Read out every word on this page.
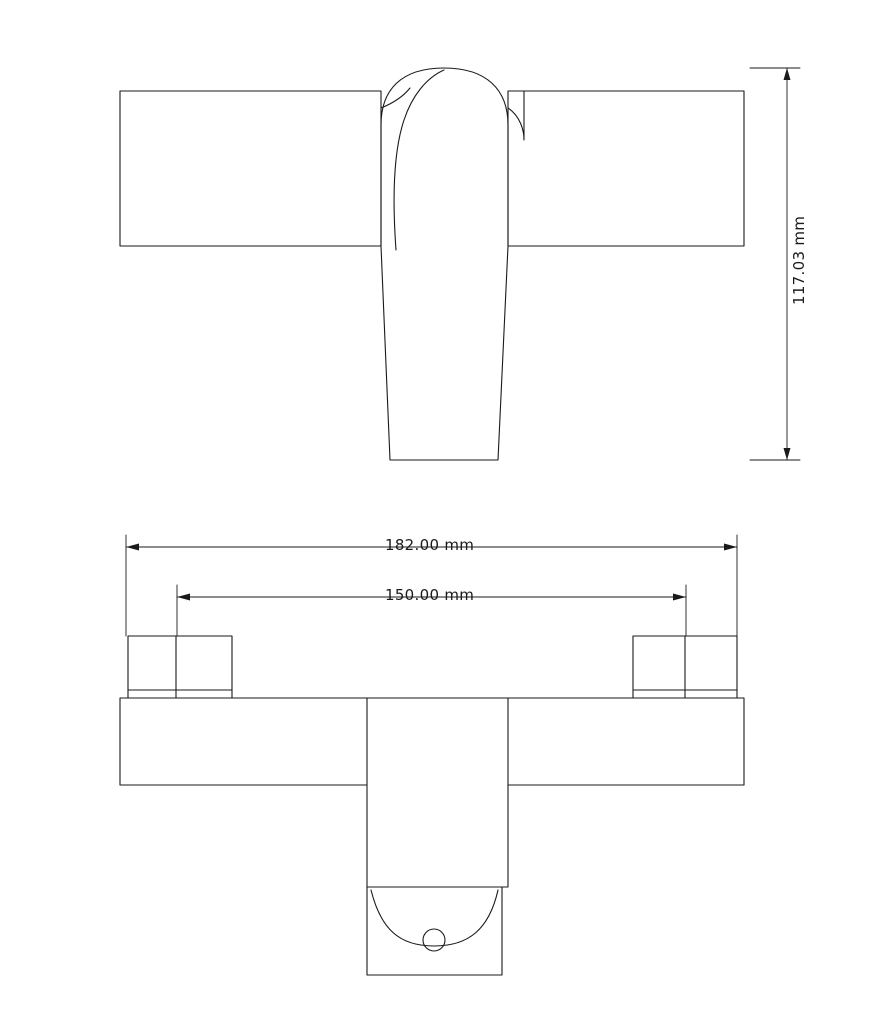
117.03 mm
182.00 mm
150.00 mm
